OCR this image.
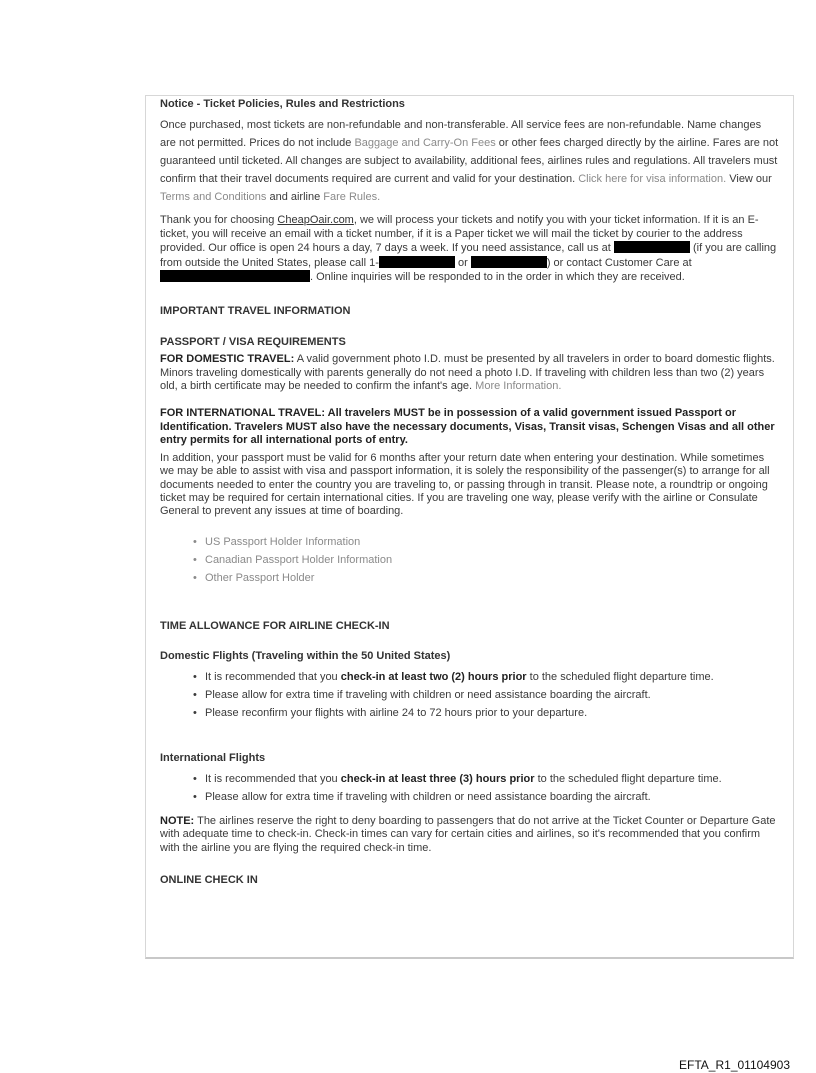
Notice - Ticket Policies, Rules and Restrictions

Once purchased, most tickets are non-refundable and non-transferable. All service fees are non-refundable. Name changes are not permitted. Prices do not include Baggage and Carry-On Fees or other fees charged directly by the airline. Fares are not guaranteed until ticketed. All changes are subject to availability, additional fees, airlines rules and regulations. All travelers must confirm that their travel documents required are current and valid for your destination. Click here for visa information. View our Terms and Conditions and airline Fare Rules.

Thank you for choosing CheapOair.com, we will process your tickets and notify you with your ticket information. If it is an E-ticket, you will receive an email with a ticket number, if it is a Paper ticket we will mail the ticket by courier to the address provided. Our office is open 24 hours a day, 7 days a week. If you need assistance, call us at	(if you are calling from outside the United States, please call 1-	or	) or contact Customer Care at . Online inquiries will be responded to in the order in which they are received.

IMPORTANT TRAVEL INFORMATION

PASSPORT / VISA REQUIREMENTS

FOR DOMESTIC TRAVEL: A valid government photo I.D. must be presented by all travelers in order to board domestic flights. Minors traveling domestically with parents generally do not need a photo I.D. If traveling with children less than two (2) years old, a birth certificate may be needed to confirm the infant's age. More Information.

FOR INTERNATIONAL TRAVEL: All travelers MUST be in possession of a valid government issued Passport or Identification. Travelers MUST also have the necessary documents, Visas, Transit visas, Schengen Visas and all other entry permits for all international ports of entry.

In addition, your passport must be valid for 6 months after your return date when entering your destination. While sometimes we may be able to assist with visa and passport information, it is solely the responsibility of the passenger(s) to arrange for all documents needed to enter the country you are traveling to, or passing through in transit. Please note, a roundtrip or ongoing ticket may be required for certain international cities. If you are traveling one way, please verify with the airline or Consulate General to prevent any issues at time of boarding.

• US Passport Holder Information
• Canadian Passport Holder Information
• Other Passport Holder

TIME ALLOWANCE FOR AIRLINE CHECK-IN

Domestic Flights (Traveling within the 50 United States)

• It is recommended that you check-in at least two (2) hours prior to the scheduled flight departure time.
• Please allow for extra time if traveling with children or need assistance boarding the aircraft.
• Please reconfirm your flights with airline 24 to 72 hours prior to your departure.

International Flights

• It is recommended that you check-in at least three (3) hours prior to the scheduled flight departure time.
• Please allow for extra time if traveling with children or need assistance boarding the aircraft.

NOTE: The airlines reserve the right to deny boarding to passengers that do not arrive at the Ticket Counter or Departure Gate with adequate time to check-in. Check-in times can vary for certain cities and airlines, so it's recommended that you confirm with the airline you are flying the required check-in time.

ONLINE CHECK IN

EFTA_R1_01104903
